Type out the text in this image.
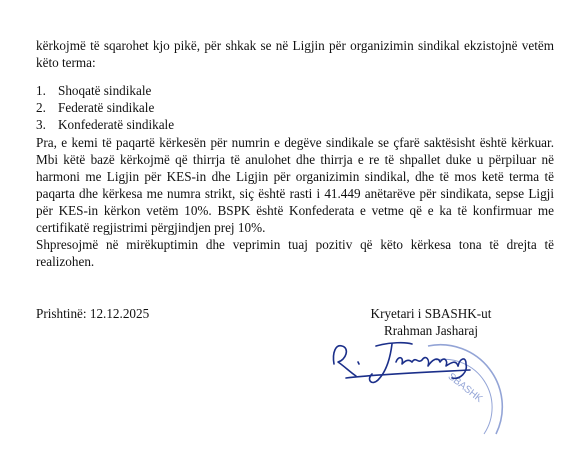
kërkojmë të sqarohet kjo pikë, për shkak se në Ligjin për organizimin sindikal ekzistojnë vetëm këto terma:

1. Shoqatë sindikale
2. Federatë sindikale
3. Konfederatë sindikale

Pra, e kemi të paqartë kërkesën për numrin e degëve sindikale se çfarë saktësisht është kërkuar. Mbi këtë bazë kërkojmë që thirrja të anulohet dhe thirrja e re të shpallet duke u përpiluar në harmoni me Ligjin për KES-in dhe Ligjin për organizimin sindikal, dhe të mos ketë terma të paqarta dhe kërkesa me numra strikt, siç është rasti i 41.449 anëtarëve për sindikata, sepse Ligji për KES-in kërkon vetëm 10%. BSPK është Konfederata e vetme që e ka të konfirmuar me certifikatë regjistrimi përgjindjen prej 10%.

Shpresojmë në mirëkuptimin dhe veprimin tuaj pozitiv që këto kërkesa tona të drejta të realizohen.

Prishtinë: 12.12.2025	Kryetari i SBASHK-ut
Rrahman Jasharaj
SBASHK
